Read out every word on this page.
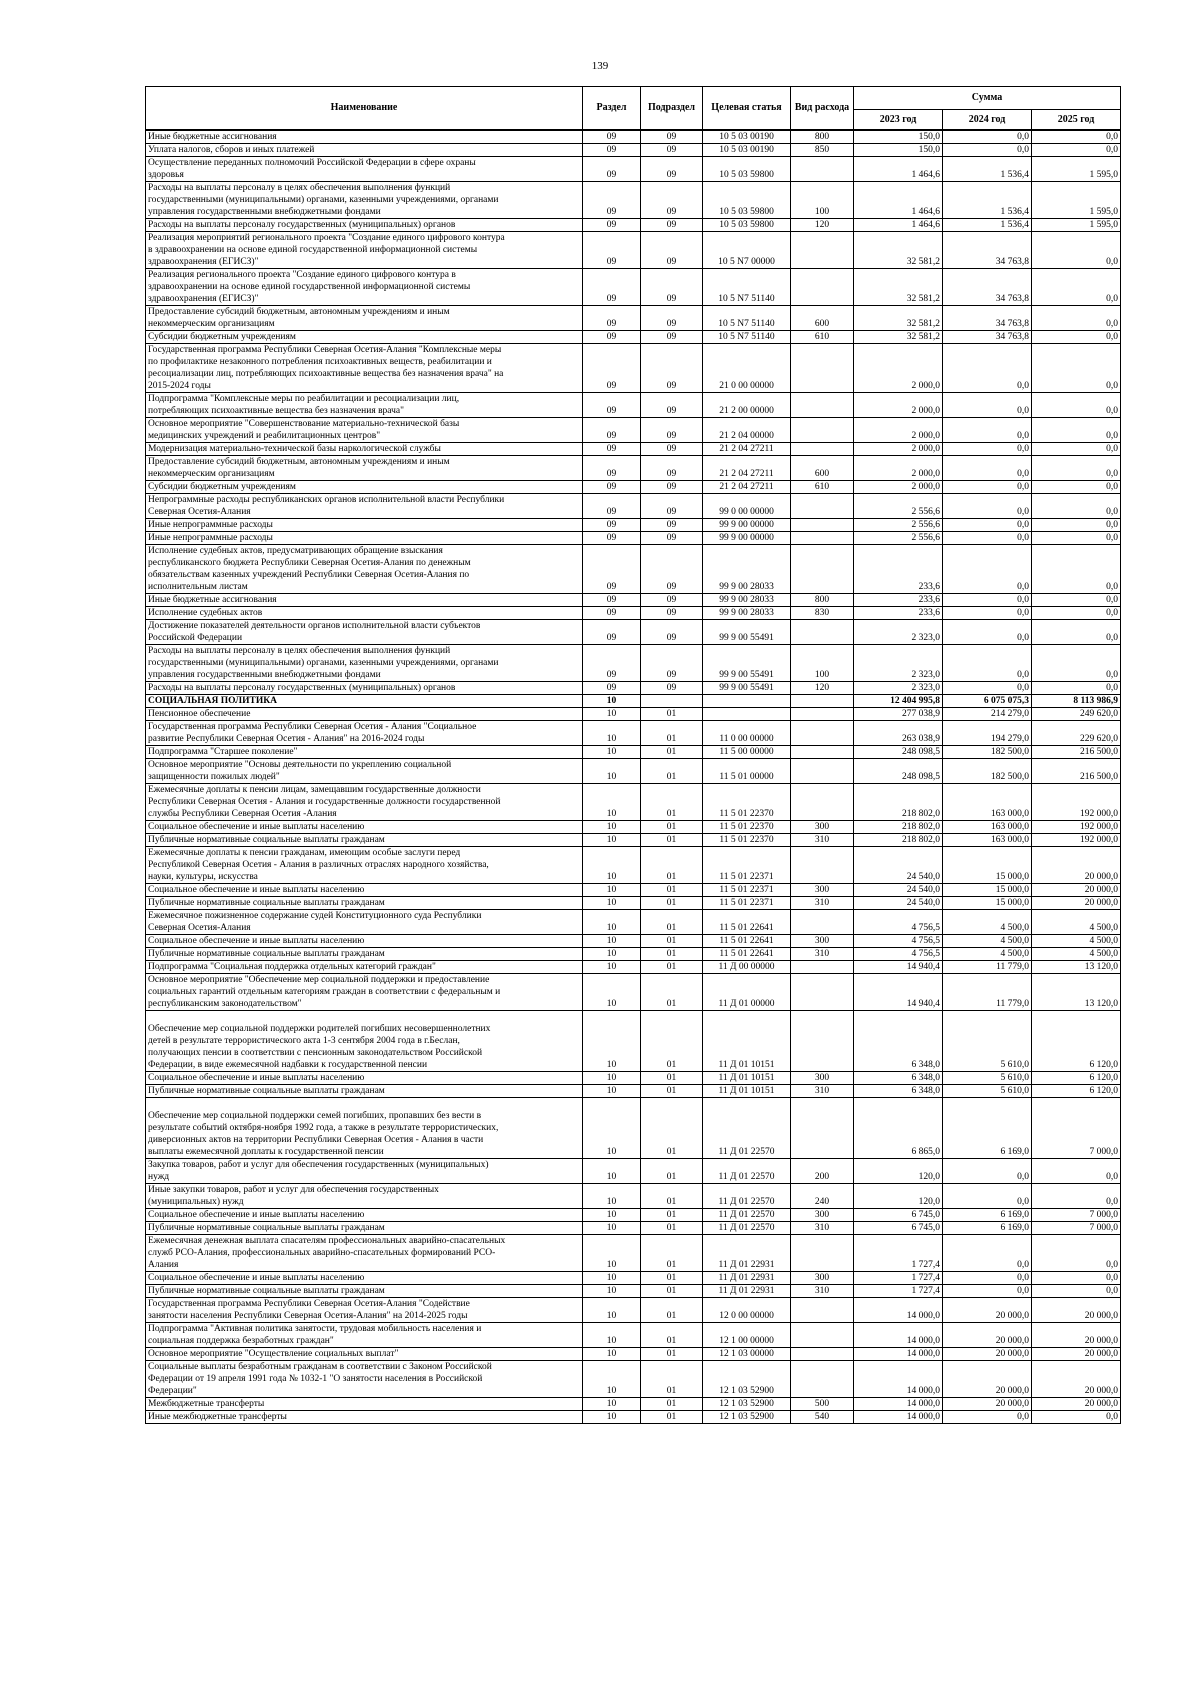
139
Наименование	Раздел	Подраздел	Целевая статья	Вид расхода	Сумма		
					2023 год	2024 год	2025 год
Иные бюджетные ассигнования	09	09	10 5 03 00190	800	150,0	0,0	0,0
Уплата налогов, сборов и иных платежей	09	09	10 5 03 00190	850	150,0	0,0	0,0
Осуществление переданных полномочий Российской Федерации в сфере охраны
здоровья	09	09	10 5 03 59800		1 464,6	1 536,4	1 595,0
Расходы на выплаты персоналу в целях обеспечения выполнения функций
государственными (муниципальными) органами, казенными учреждениями, органами
управления государственными внебюджетными фондами	09	09	10 5 03 59800	100	1 464,6	1 536,4	1 595,0
Расходы на выплаты персоналу государственных (муниципальных) органов	09	09	10 5 03 59800	120	1 464,6	1 536,4	1 595,0
Реализация мероприятий регионального проекта "Создание единого цифрового контура
в здравоохранении на основе единой государственной информационной системы
здравоохранения (ЕГИСЗ)"	09	09	10 5 N7 00000		32 581,2	34 763,8	0,0
Реализация регионального проекта "Создание единого цифрового контура в
здравоохранении на основе единой государственной информационной системы
здравоохранения (ЕГИСЗ)"	09	09	10 5 N7 51140		32 581,2	34 763,8	0,0
Предоставление субсидий бюджетным, автономным учреждениям и иным
некоммерческим организациям	09	09	10 5 N7 51140	600	32 581,2	34 763,8	0,0
Субсидии бюджетным учреждениям	09	09	10 5 N7 51140	610	32 581,2	34 763,8	0,0
Государственная программа Республики Северная Осетия-Алания "Комплексные меры
по профилактике незаконного потребления психоактивных веществ, реабилитации и
ресоциализации лиц, потребляющих психоактивные вещества без назначения врача" на
2015-2024 годы	09	09	21 0 00 00000		2 000,0	0,0	0,0
Подпрограмма "Комплексные меры по реабилитации и ресоциализации лиц,
потребляющих психоактивные вещества без назначения врача"	09	09	21 2 00 00000		2 000,0	0,0	0,0
Основное мероприятие "Совершенствование материально-технической базы
медицинских учреждений и реабилитационных центров"	09	09	21 2 04 00000		2 000,0	0,0	0,0
Модернизация материально-технической базы наркологической службы	09	09	21 2 04 27211		2 000,0	0,0	0,0
Предоставление субсидий бюджетным, автономным учреждениям и иным
некоммерческим организациям	09	09	21 2 04 27211	600	2 000,0	0,0	0,0
Субсидии бюджетным учреждениям	09	09	21 2 04 27211	610	2 000,0	0,0	0,0
Непрограммные расходы республиканских органов исполнительной власти Республики
Северная Осетия-Алания	09	09	99 0 00 00000		2 556,6	0,0	0,0
Иные непрограммные расходы	09	09	99 9 00 00000		2 556,6	0,0	0,0
Иные непрограммные расходы	09	09	99 9 00 00000		2 556,6	0,0	0,0
Исполнение судебных актов, предусматривающих обращение взыскания
республиканского бюджета Республики Северная Осетия-Алания по денежным
обязательствам казенных учреждений Республики Северная Осетия-Алания по
исполнительным листам	09	09	99 9 00 28033		233,6	0,0	0,0
Иные бюджетные ассигнования	09	09	99 9 00 28033	800	233,6	0,0	0,0
Исполнение судебных актов	09	09	99 9 00 28033	830	233,6	0,0	0,0
Достижение показателей деятельности органов исполнительной власти субъектов
Российской Федерации	09	09	99 9 00 55491		2 323,0	0,0	0,0
Расходы на выплаты персоналу в целях обеспечения выполнения функций
государственными (муниципальными) органами, казенными учреждениями, органами
управления государственными внебюджетными фондами	09	09	99 9 00 55491	100	2 323,0	0,0	0,0
Расходы на выплаты персоналу государственных (муниципальных) органов	09	09	99 9 00 55491	120	2 323,0	0,0	0,0
СОЦИАЛЬНАЯ ПОЛИТИКА	10				12 404 995,8	6 075 075,3	8 113 986,9
Пенсионное обеспечение	10	01			277 038,9	214 279,0	249 620,0
Государственная программа Республики Северная Осетия - Алания "Социальное
развитие Республики Северная Осетия - Алания" на 2016-2024 годы	10	01	11 0 00 00000		263 038,9	194 279,0	229 620,0
Подпрограмма "Старшее поколение"	10	01	11 5 00 00000		248 098,5	182 500,0	216 500,0
Основное мероприятие "Основы деятельности по укреплению социальной
защищенности пожилых людей"	10	01	11 5 01 00000		248 098,5	182 500,0	216 500,0
Ежемесячные доплаты к пенсии лицам, замещавшим государственные должности
Республики Северная Осетия - Алания и государственные должности государственной
службы Республики Северная Осетия -Алания	10	01	11 5 01 22370		218 802,0	163 000,0	192 000,0
Социальное обеспечение и иные выплаты населению	10	01	11 5 01 22370	300	218 802,0	163 000,0	192 000,0
Публичные нормативные социальные выплаты гражданам	10	01	11 5 01 22370	310	218 802,0	163 000,0	192 000,0
Ежемесячные доплаты к пенсии гражданам, имеющим особые заслуги перед
Республикой Северная Осетия - Алания в различных отраслях народного хозяйства,
науки, культуры, искусства	10	01	11 5 01 22371		24 540,0	15 000,0	20 000,0
Социальное обеспечение и иные выплаты населению	10	01	11 5 01 22371	300	24 540,0	15 000,0	20 000,0
Публичные нормативные социальные выплаты гражданам	10	01	11 5 01 22371	310	24 540,0	15 000,0	20 000,0
Ежемесячное пожизненное содержание судей Конституционного суда Республики
Северная Осетия-Алания	10	01	11 5 01 22641		4 756,5	4 500,0	4 500,0
Социальное обеспечение и иные выплаты населению	10	01	11 5 01 22641	300	4 756,5	4 500,0	4 500,0
Публичные нормативные социальные выплаты гражданам	10	01	11 5 01 22641	310	4 756,5	4 500,0	4 500,0
Подпрограмма "Социальная поддержка отдельных категорий граждан"	10	01	11 Д 00 00000		14 940,4	11 779,0	13 120,0
Основное мероприятие "Обеспечение мер социальной поддержки и предоставление
социальных гарантий отдельным категориям граждан в соответствии с федеральным и
республиканским законодательством"	10	01	11 Д 01 00000		14 940,4	11 779,0	13 120,0

Обеспечение мер социальной поддержки родителей погибших несовершеннолетних
детей в результате террористического акта 1-3 сентября 2004 года в г.Беслан,
получающих пенсии в соответствии с пенсионным законодательством Российской
Федерации, в виде ежемесячной надбавки к государственной пенсии	10	01	11 Д 01 10151		6 348,0	5 610,0	6 120,0
Социальное обеспечение и иные выплаты населению	10	01	11 Д 01 10151	300	6 348,0	5 610,0	6 120,0
Публичные нормативные социальные выплаты гражданам	10	01	11 Д 01 10151	310	6 348,0	5 610,0	6 120,0

Обеспечение мер социальной поддержки семей погибших, пропавших без вести в
результате событий октября-ноября 1992 года, а также в результате террористических,
диверсионных актов на территории Республики Северная Осетия - Алания в части
выплаты ежемесячной доплаты к государственной пенсии	10	01	11 Д 01 22570		6 865,0	6 169,0	7 000,0
Закупка товаров, работ и услуг для обеспечения государственных (муниципальных)
нужд	10	01	11 Д 01 22570	200	120,0	0,0	0,0
Иные закупки товаров, работ и услуг для обеспечения государственных
(муниципальных) нужд	10	01	11 Д 01 22570	240	120,0	0,0	0,0
Социальное обеспечение и иные выплаты населению	10	01	11 Д 01 22570	300	6 745,0	6 169,0	7 000,0
Публичные нормативные социальные выплаты гражданам	10	01	11 Д 01 22570	310	6 745,0	6 169,0	7 000,0
Ежемесячная денежная выплата спасателям профессиональных аварийно-спасательных
служб РСО-Алания, профессиональных аварийно-спасательных формирований РСО-
Алания	10	01	11 Д 01 22931		1 727,4	0,0	0,0
Социальное обеспечение и иные выплаты населению	10	01	11 Д 01 22931	300	1 727,4	0,0	0,0
Публичные нормативные социальные выплаты гражданам	10	01	11 Д 01 22931	310	1 727,4	0,0	0,0
Государственная программа Республики Северная Осетия-Алания "Содействие
занятости населения Республики Северная Осетия-Алания" на 2014-2025 годы	10	01	12 0 00 00000		14 000,0	20 000,0	20 000,0
Подпрограмма "Активная политика занятости, трудовая мобильность населения и
социальная поддержка безработных граждан"	10	01	12 1 00 00000		14 000,0	20 000,0	20 000,0
Основное мероприятие "Осуществление социальных выплат"	10	01	12 1 03 00000		14 000,0	20 000,0	20 000,0
Социальные выплаты безработным гражданам в соответствии с Законом Российской
Федерации от 19 апреля 1991 года № 1032-1 "О занятости населения в Российской
Федерации"	10	01	12 1 03 52900		14 000,0	20 000,0	20 000,0
Межбюджетные трансферты	10	01	12 1 03 52900	500	14 000,0	20 000,0	20 000,0
Иные межбюджетные трансферты	10	01	12 1 03 52900	540	14 000,0	0,0	0,0
